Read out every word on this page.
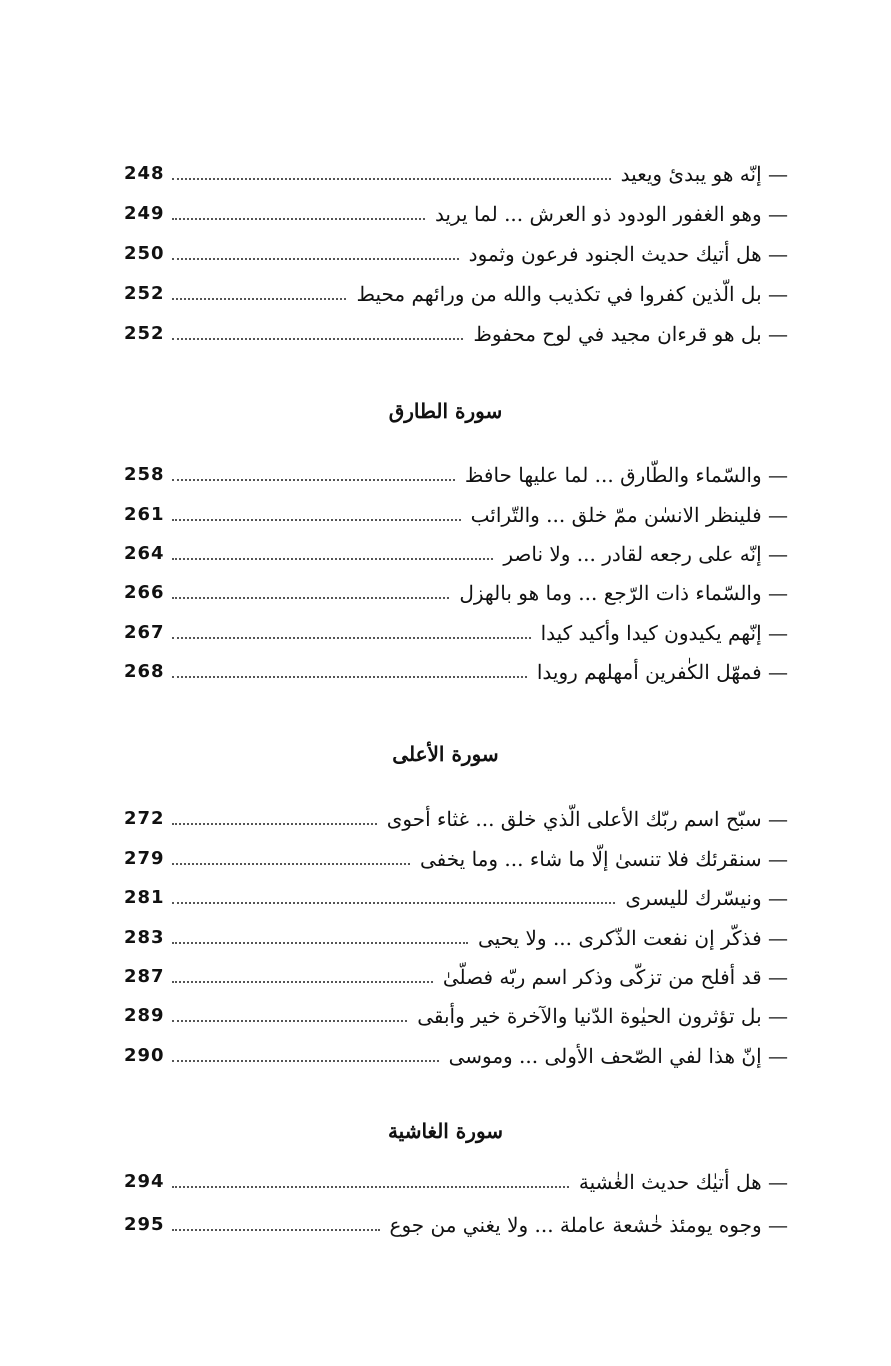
248	— إنّه هو يبدئ ويعيد
249	— وهو الغفور الودود ذو العرش ... لما يريد
250	— هل أتيك حديث الجنود فرعون وثمود
252	— بل الّذين كفروا في تكذيب والله من ورائهم محيط
252	— بل هو قرءان مجيد في لوح محفوظ
سورة الطارق
258	— والسّماء والطّارق ... لما عليها حافظ
261	— فلينظر الانسٰن ممّ خلق ... والتّرائب
264	— إنّه على رجعه لقادر ... ولا ناصر
266	— والسّماء ذات الرّجع ... وما هو بالهزل
267	— إنّهم يكيدون كيدا وأكيد كيدا
268	— فمهّل الكٰفرين أمهلهم رويدا
سورة الأعلى
272	— سبّح اسم ربّك الأعلى الّذي خلق ... غثاء أحوى
279	— سنقرئك فلا تنسىٰ إلّا ما شاء ... وما يخفى
281	— ونيسّرك لليسرى
283	— فذكّر إن نفعت الذّكرى ... ولا يحيى
287	— قد أفلح من تزكّى وذكر اسم ربّه فصلّىٰ
289	— بل تؤثرون الحيٰوة الدّنيا والآخرة خير وأبقى
290	— إنّ هذا لفي الصّحف الأولى ... وموسى
سورة الغاشية
294	— هل أتيٰك حديث الغٰشية
295	— وجوه يومئذ خٰشعة عاملة ... ولا يغني من جوع
